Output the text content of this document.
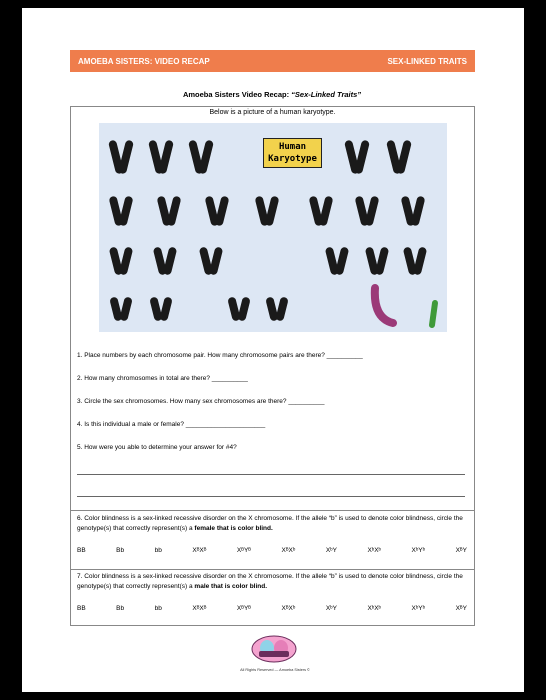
AMOEBA SISTERS: VIDEO RECAP	SEX-LINKED TRAITS
Amoeba Sisters Video Recap: “Sex-Linked Traits”
Below is a picture of a human karyotype.
Human
Karyotype
1. Place numbers by each chromosome pair. How many chromosome pairs are there? __________
2. How many chromosomes in total are there? __________
3. Circle the sex chromosomes. How many sex chromosomes are there? __________
4. Is this individual a male or female? ______________________
5. How were you able to determine your answer for #4?
6. Color blindness is a sex-linked recessive disorder on the X chromosome. If the allele “b” is used to denote color blindness, circle the genotype(s) that correctly represent(s) a female that is color blind.
BB	Bb	bb	XᴮXᴮ	XᴮYᴮ	XᴮXᵇ	XᵇY	XᵇXᵇ	XᵇYᵇ	XᴮY
7. Color blindness is a sex-linked recessive disorder on the X chromosome. If the allele “b” is used to denote color blindness, circle the genotype(s) that correctly represent(s) a male that is color blind.
BB	Bb	bb	XᴮXᴮ	XᴮYᴮ	XᴮXᵇ	XᵇY	XᵇXᵇ	XᵇYᵇ	XᴮY
All Rights Reserved — Amoeba Sisters ©
